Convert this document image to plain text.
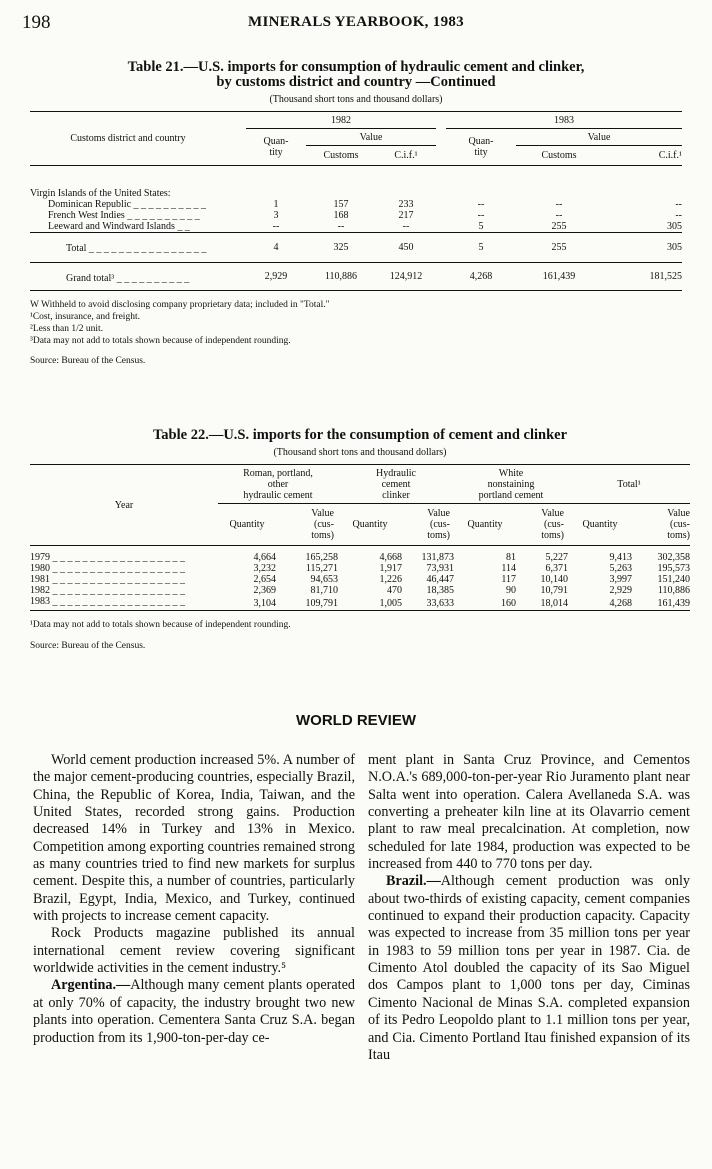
198	MINERALS YEARBOOK, 1983
Table 21.—U.S. imports for consumption of hydraulic cement and clinker,
by customs district and country —Continued
(Thousand short tons and thousand dollars)
Customs district and country		1982				1983		
		Quan-
tity	Value			Quan-
tity	Value	
			Customs	C.i.f.¹			Customs	C.i.f.¹

Virgin Islands of the United States:								
Dominican Republic _ _ _ _ _ _ _ _ _ _		1	157	233		--	--	--
French West Indies _ _ _ _ _ _ _ _ _ _		3	168	217		--	--	--
Leeward and Windward Islands _ _		--	--	--		5	255	305
Total _ _ _ _ _ _ _ _ _ _ _ _ _ _ _ _		4	325	450		5	255	305
Grand total³ _ _ _ _ _ _ _ _ _ _		2,929	110,886	124,912		4,268	161,439	181,525
W Withheld to avoid disclosing company proprietary data; included in "Total."
¹Cost, insurance, and freight.
²Less than 1/2 unit.
³Data may not add to totals shown because of independent rounding.
Source: Bureau of the Census.
Table 22.—U.S. imports for the consumption of cement and clinker
(Thousand short tons and thousand dollars)
Year	Roman, portland,
other
hydraulic cement		Hydraulic
cement
clinker		White
nonstaining
portland cement		Total¹	
	Quantity	Value
(cus-
toms)	Quantity	Value
(cus-
toms)	Quantity	Value
(cus-
toms)	Quantity	Value
(cus-
toms)

1979 _ _ _ _ _ _ _ _ _ _ _ _ _ _ _ _ _ _	4,664	165,258	4,668	131,873	81	5,227	9,413	302,358
1980 _ _ _ _ _ _ _ _ _ _ _ _ _ _ _ _ _ _	3,232	115,271	1,917	73,931	114	6,371	5,263	195,573
1981 _ _ _ _ _ _ _ _ _ _ _ _ _ _ _ _ _ _	2,654	94,653	1,226	46,447	117	10,140	3,997	151,240
1982 _ _ _ _ _ _ _ _ _ _ _ _ _ _ _ _ _ _	2,369	81,710	470	18,385	90	10,791	2,929	110,886
1983 _ _ _ _ _ _ _ _ _ _ _ _ _ _ _ _ _ _	3,104	109,791	1,005	33,633	160	18,014	4,268	161,439
¹Data may not add to totals shown because of independent rounding.
Source: Bureau of the Census.
WORLD REVIEW

World cement production increased 5%. A number of the major cement-producing countries, especially Brazil, China, the Republic of Korea, India, Taiwan, and the United States, recorded strong gains. Production decreased 14% in Turkey and 13% in Mexico. Competition among exporting countries remained strong as many countries tried to find new markets for surplus cement. Despite this, a number of countries, particularly Brazil, Egypt, India, Mexico, and Turkey, continued with projects to increase cement capacity.

Rock Products magazine published its annual international cement review covering significant worldwide activities in the cement industry.⁵

Argentina.—Although many cement plants operated at only 70% of capacity, the industry brought two new plants into operation. Cementera Santa Cruz S.A. began production from its 1,900-ton-per-day ce-

ment plant in Santa Cruz Province, and Cementos N.O.A.'s 689,000-ton-per-year Rio Juramento plant near Salta went into operation. Calera Avellaneda S.A. was converting a preheater kiln line at its Olavarrio cement plant to raw meal precalcination. At completion, now scheduled for late 1984, production was expected to be increased from 440 to 770 tons per day.

Brazil.—Although cement production was only about two-thirds of existing capacity, cement companies continued to expand their production capacity. Capacity was expected to increase from 35 million tons per year in 1983 to 59 million tons per year in 1987. Cia. de Cimento Atol doubled the capacity of its Sao Miguel dos Campos plant to 1,000 tons per day, Ciminas Cimento Nacional de Minas S.A. completed expansion of its Pedro Leopoldo plant to 1.1 million tons per year, and Cia. Cimento Portland Itau finished expansion of its Itau
